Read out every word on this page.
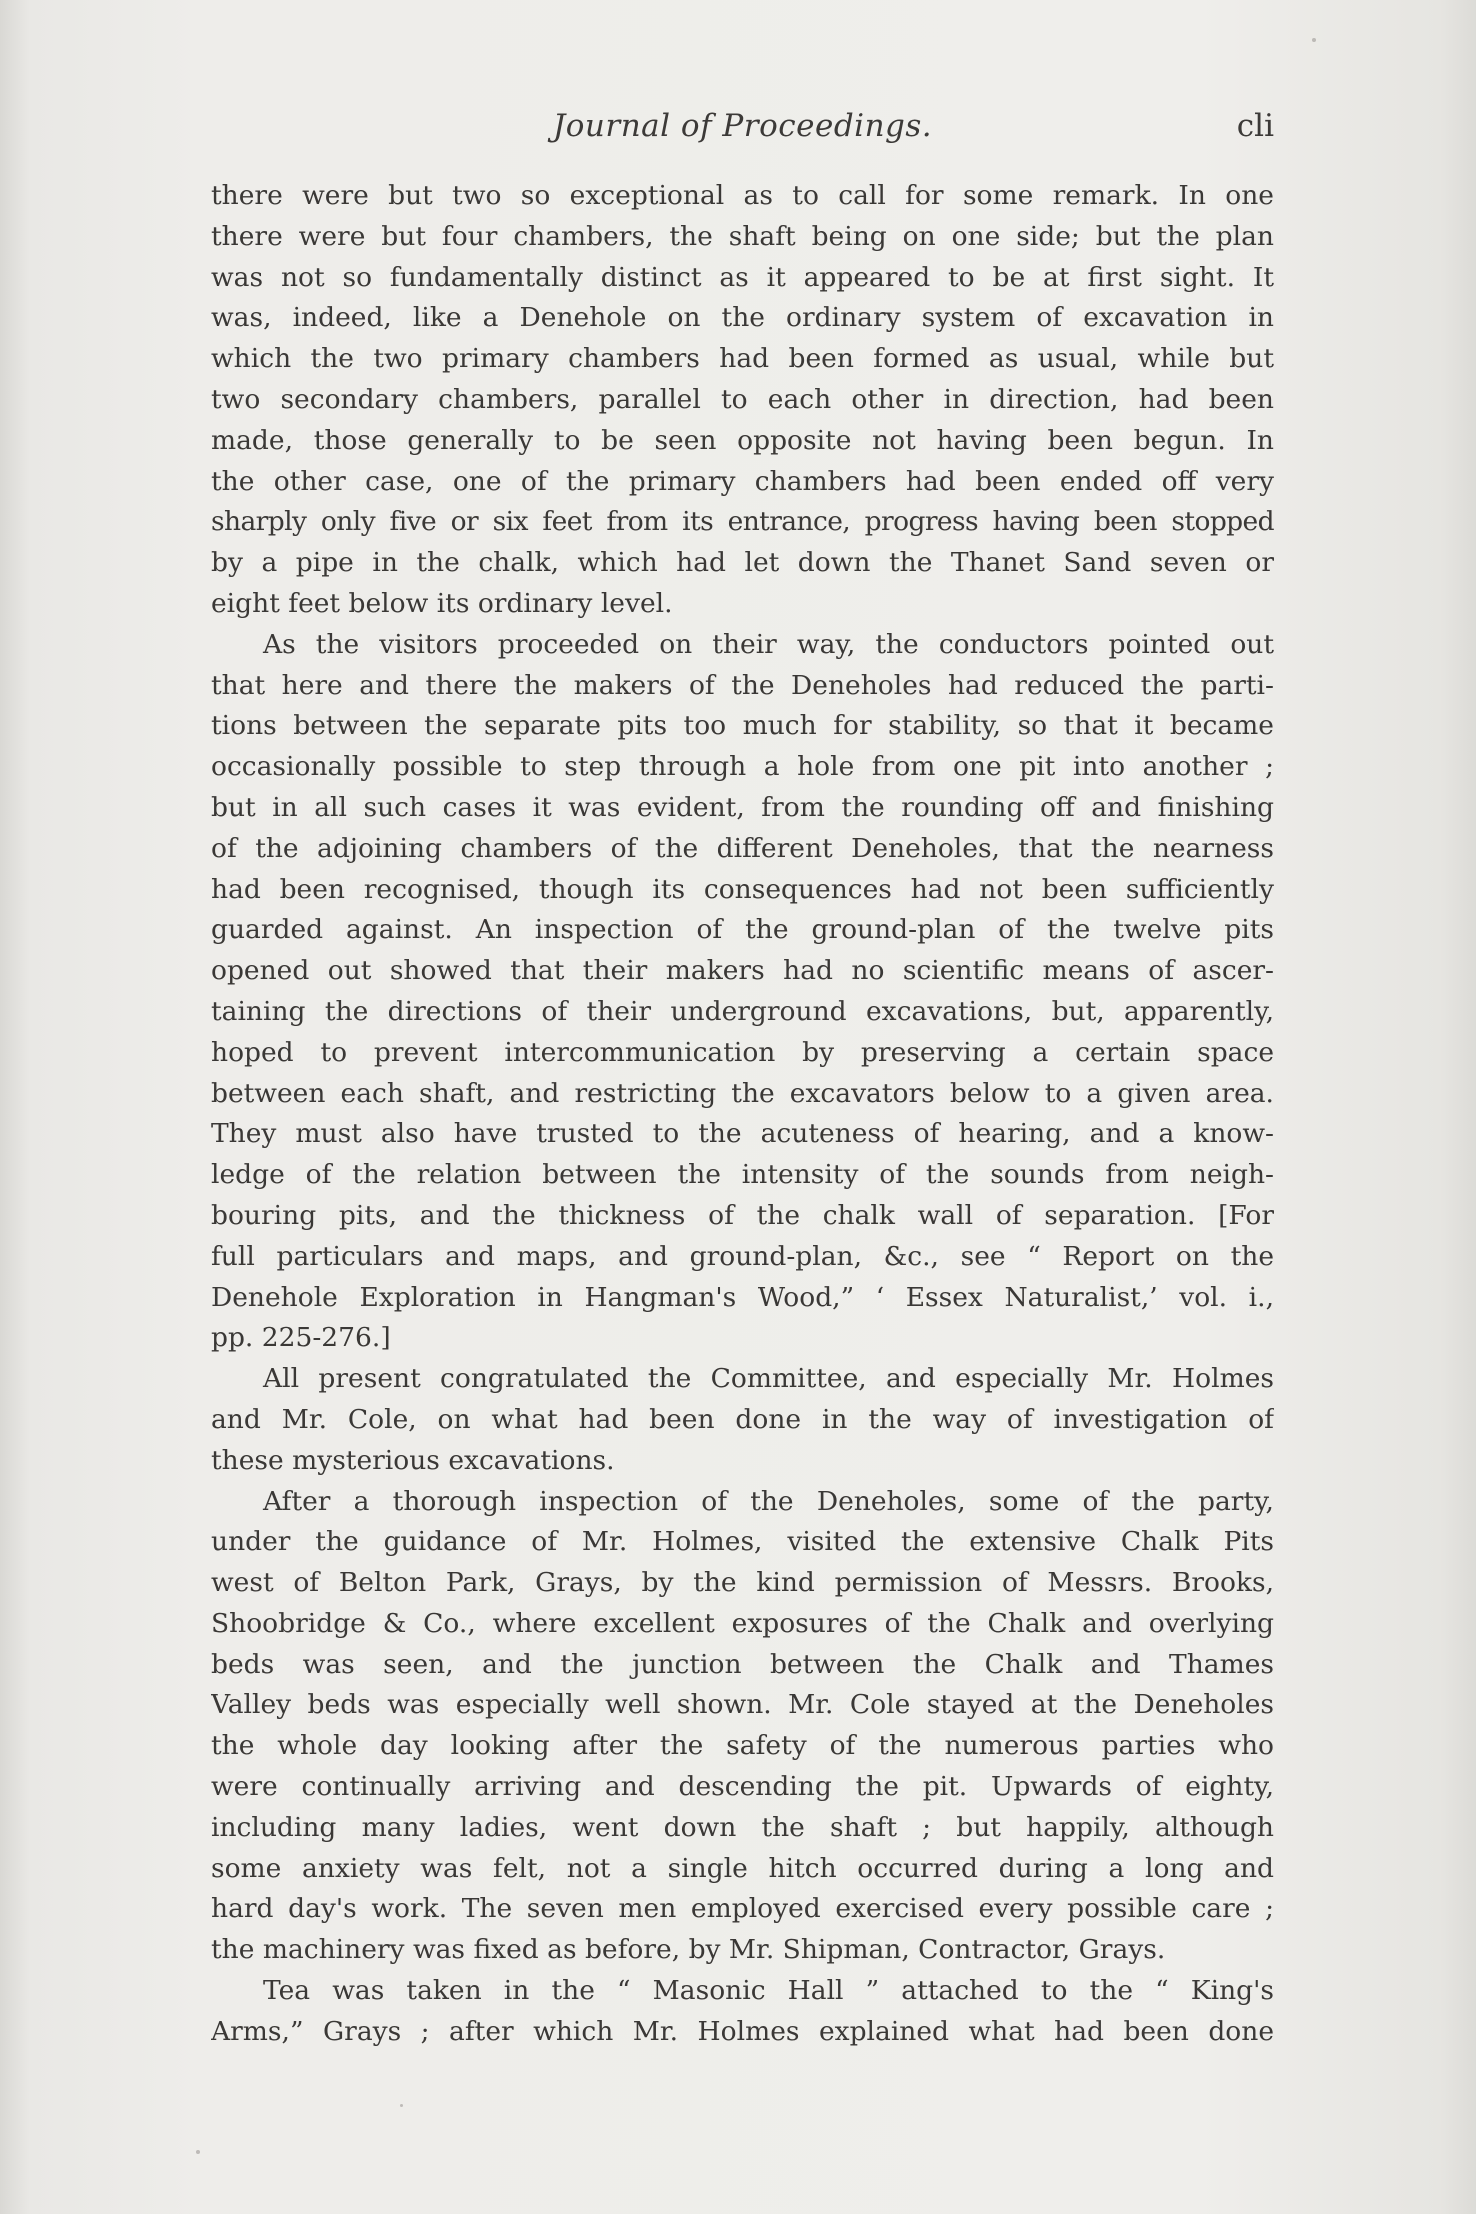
Journal of Proceedings.	cli
there were but two so exceptional as to call for some remark. In one
there were but four chambers, the shaft being on one side; but the plan
was not so fundamentally distinct as it appeared to be at first sight. It
was, indeed, like a Denehole on the ordinary system of excavation in
which the two primary chambers had been formed as usual, while but
two secondary chambers, parallel to each other in direction, had been
made, those generally to be seen opposite not having been begun. In
the other case, one of the primary chambers had been ended off very
sharply only five or six feet from its entrance, progress having been stopped
by a pipe in the chalk, which had let down the Thanet Sand seven or
eight feet below its ordinary level.
As the visitors proceeded on their way, the conductors pointed out
that here and there the makers of the Deneholes had reduced the parti-
tions between the separate pits too much for stability, so that it became
occasionally possible to step through a hole from one pit into another ;
but in all such cases it was evident, from the rounding off and finishing
of the adjoining chambers of the different Deneholes, that the nearness
had been recognised, though its consequences had not been sufficiently
guarded against. An inspection of the ground-plan of the twelve pits
opened out showed that their makers had no scientific means of ascer-
taining the directions of their underground excavations, but, apparently,
hoped to prevent intercommunication by preserving a certain space
between each shaft, and restricting the excavators below to a given area.
They must also have trusted to the acuteness of hearing, and a know-
ledge of the relation between the intensity of the sounds from neigh-
bouring pits, and the thickness of the chalk wall of separation. [For
full particulars and maps, and ground-plan, &c., see “ Report on the
Denehole Exploration in Hangman's Wood,” ‘ Essex Naturalist,’ vol. i.,
pp. 225-276.]
All present congratulated the Committee, and especially Mr. Holmes
and Mr. Cole, on what had been done in the way of investigation of
these mysterious excavations.
After a thorough inspection of the Deneholes, some of the party,
under the guidance of Mr. Holmes, visited the extensive Chalk Pits
west of Belton Park, Grays, by the kind permission of Messrs. Brooks,
Shoobridge & Co., where excellent exposures of the Chalk and overlying
beds was seen, and the junction between the Chalk and Thames
Valley beds was especially well shown. Mr. Cole stayed at the Deneholes
the whole day looking after the safety of the numerous parties who
were continually arriving and descending the pit. Upwards of eighty,
including many ladies, went down the shaft ; but happily, although
some anxiety was felt, not a single hitch occurred during a long and
hard day's work. The seven men employed exercised every possible care ;
the machinery was fixed as before, by Mr. Shipman, Contractor, Grays.
Tea was taken in the “ Masonic Hall ” attached to the “ King's
Arms,” Grays ; after which Mr. Holmes explained what had been done
